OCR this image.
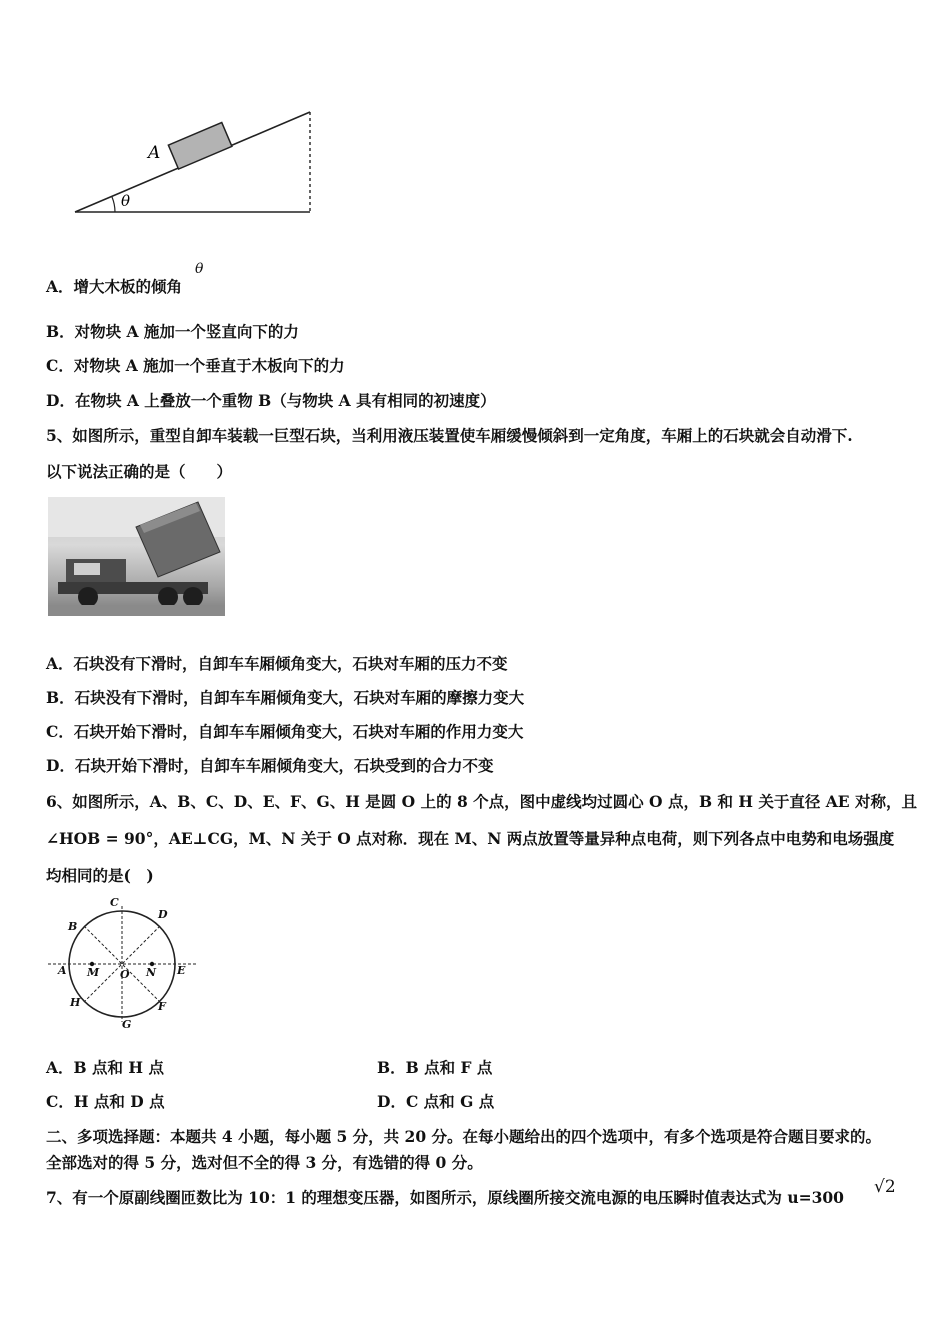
θ
A
A．增大木板的倾角
θ
B．对物块 A 施加一个竖直向下的力
C．对物块 A 施加一个垂直于木板向下的力
D．在物块 A 上叠放一个重物 B（与物块 A 具有相同的初速度）
5、如图所示，重型自卸车装载一巨型石块，当利用液压装置使车厢缓慢倾斜到一定角度，车厢上的石块就会自动滑下.
以下说法正确的是（　　）
A．石块没有下滑时，自卸车车厢倾角变大，石块对车厢的压力不变
B．石块没有下滑时，自卸车车厢倾角变大，石块对车厢的摩擦力变大
C．石块开始下滑时，自卸车车厢倾角变大，石块对车厢的作用力变大
D．石块开始下滑时，自卸车车厢倾角变大，石块受到的合力不变
6、如图所示，A、B、C、D、E、F、G、H 是圆 O 上的 8 个点，图中虚线均过圆心 O 点，B 和 H 关于直径 AE 对称，且
∠HOB = 90°，AE⊥CG，M、N 关于 O 点对称．现在 M、N 两点放置等量异种点电荷，则下列各点中电势和电场强度
均相同的是(　)
C
D
B
A M O N E
H	F
G
A．B 点和 H 点	B．B 点和 F 点
C．H 点和 D 点	D．C 点和 G 点
二、多项选择题：本题共 4 小题，每小题 5 分，共 20 分。在每小题给出的四个选项中，有多个选项是符合题目要求的。
全部选对的得 5 分，选对但不全的得 3 分，有选错的得 0 分。
7、有一个原副线圈匝数比为 10：1 的理想变压器，如图所示，原线圈所接交流电源的电压瞬时值表达式为 u=300
√2
